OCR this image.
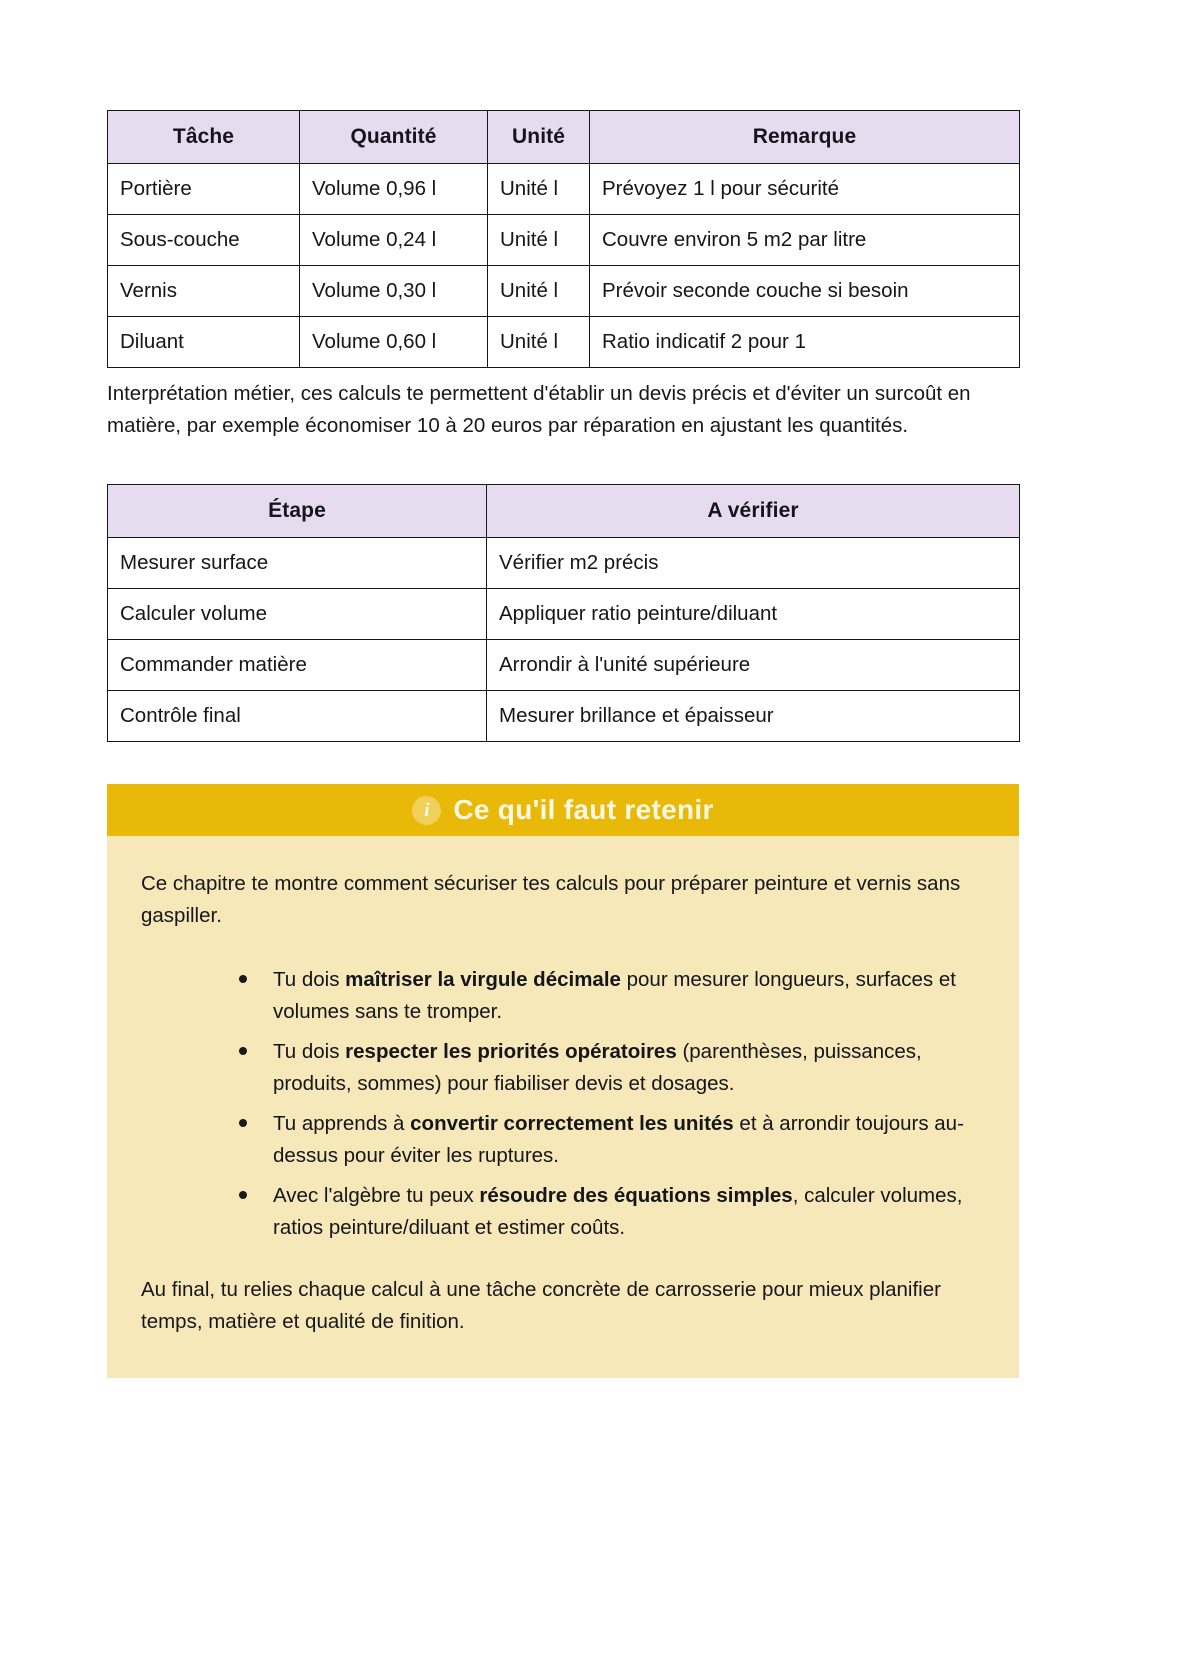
Tâche	Quantité	Unité	Remarque
Portière	Volume 0,96 l	Unité l	Prévoyez 1 l pour sécurité
Sous-couche	Volume 0,24 l	Unité l	Couvre environ 5 m2 par litre
Vernis	Volume 0,30 l	Unité l	Prévoir seconde couche si besoin
Diluant	Volume 0,60 l	Unité l	Ratio indicatif 2 pour 1

Interprétation métier, ces calculs te permettent d'établir un devis précis et d'éviter un surcoût en matière, par exemple économiser 10 à 20 euros par réparation en ajustant les quantités.

Étape	A vérifier
Mesurer surface	Vérifier m2 précis
Calculer volume	Appliquer ratio peinture/diluant
Commander matière	Arrondir à l'unité supérieure
Contrôle final	Mesurer brillance et épaisseur
i Ce qu'il faut retenir

Ce chapitre te montre comment sécuriser tes calculs pour préparer peinture et vernis sans gaspiller.

Tu dois maîtriser la virgule décimale pour mesurer longueurs, surfaces et volumes sans te tromper.
Tu dois respecter les priorités opératoires (parenthèses, puissances, produits, sommes) pour fiabiliser devis et dosages.
Tu apprends à convertir correctement les unités et à arrondir toujours au-dessus pour éviter les ruptures.
Avec l'algèbre tu peux résoudre des équations simples, calculer volumes, ratios peinture/diluant et estimer coûts.

Au final, tu relies chaque calcul à une tâche concrète de carrosserie pour mieux planifier temps, matière et qualité de finition.
